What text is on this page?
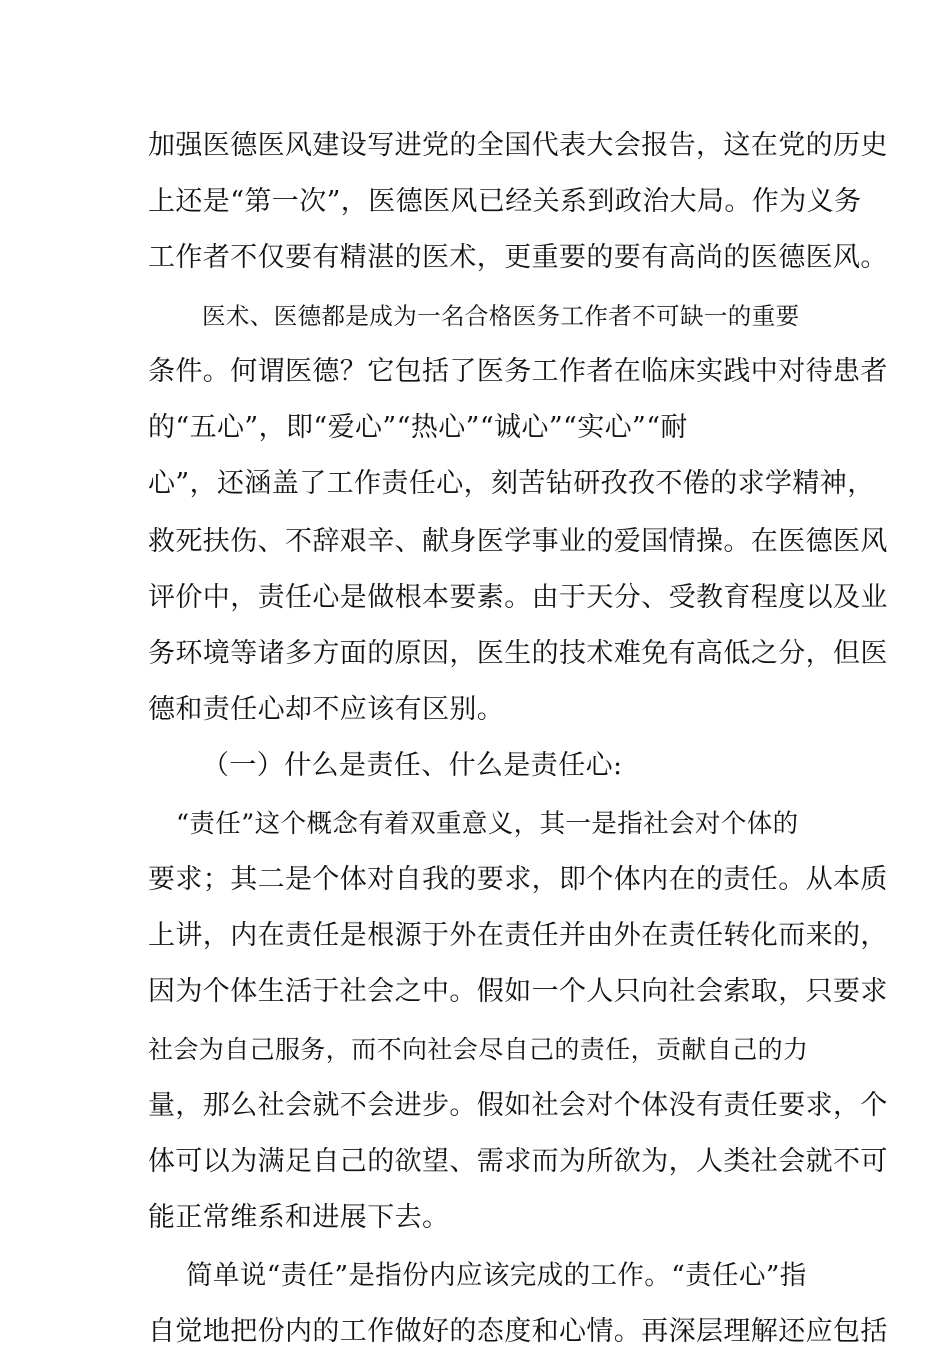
加强医德医风建设写进党的全国代表大会报告，这在党的历史
上还是“第一次”，医德医风已经关系到政治大局。作为义务
工作者不仅要有精湛的医术，更重要的要有高尚的医德医风。
医术、医德都是成为一名合格医务工作者不可缺一的重要
条件。何谓医德？它包括了医务工作者在临床实践中对待患者
的“五心”，即“爱心”“热心”“诚心”“实心”“耐
心”，还涵盖了工作责任心，刻苦钻研孜孜不倦的求学精神，
救死扶伤、不辞艰辛、献身医学事业的爱国情操。在医德医风
评价中，责任心是做根本要素。由于天分、受教育程度以及业
务环境等诸多方面的原因，医生的技术难免有高低之分，但医
德和责任心却不应该有区别。
（一）什么是责任、什么是责任心:
“责任”这个概念有着双重意义，其一是指社会对个体的
要求；其二是个体对自我的要求，即个体内在的责任。从本质
上讲，内在责任是根源于外在责任并由外在责任转化而来的，
因为个体生活于社会之中。假如一个人只向社会索取，只要求
社会为自己服务，而不向社会尽自己的责任，贡献自己的力
量，那么社会就不会进步。假如社会对个体没有责任要求，个
体可以为满足自己的欲望、需求而为所欲为，人类社会就不可
能正常维系和进展下去。
简单说“责任”是指份内应该完成的工作。“责任心”指
自觉地把份内的工作做好的态度和心情。再深层理解还应包括
